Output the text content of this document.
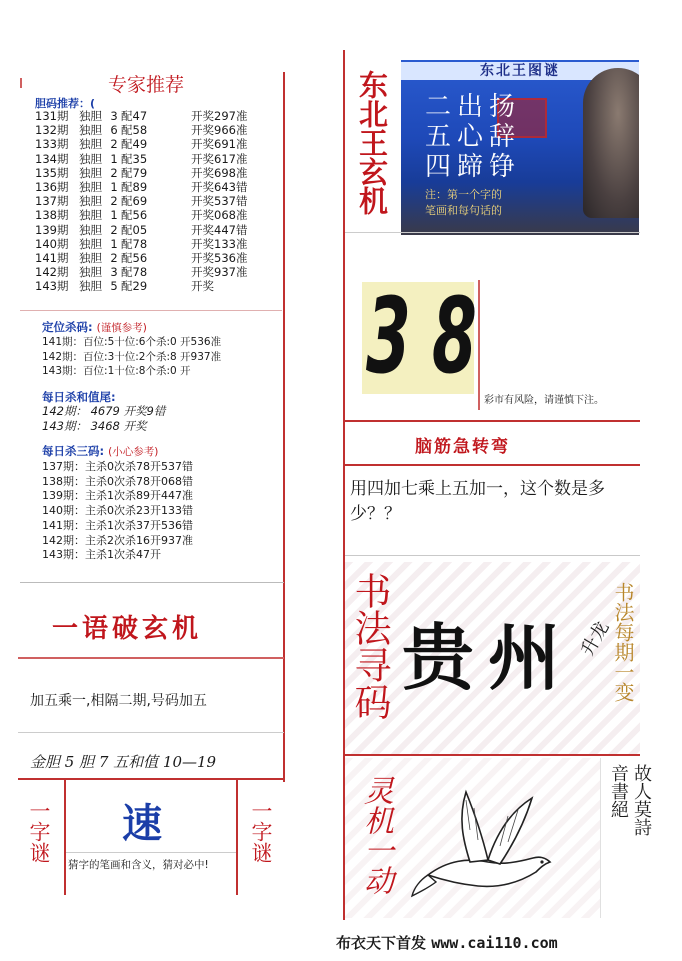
专家推荐
胆码推荐：(
131期 独胆 3 配47	开奖297准
132期 独胆 6 配58	开奖966准
133期 独胆 2 配49	开奖691准
134期 独胆 1 配35	开奖617准
135期 独胆 2 配79	开奖698准
136期 独胆 1 配89	开奖643错
137期 独胆 2 配69	开奖537错
138期 独胆 1 配56	开奖068准
139期 独胆 2 配05	开奖447错
140期 独胆 1 配78	开奖133准
141期 独胆 2 配56	开奖536准
142期 独胆 3 配78	开奖937准
143期 独胆 5 配29	开奖
定位杀码: (谨慎参考)
141期：百位:5十位:6个杀:0 开536准
142期：百位:3十位:2个杀:8 开937准
143期：百位:1十位:8个杀:0 开
每日杀和值尾:
142期： 4679 开奖9错
143期： 3468 开奖
每日杀三码: (小心参考)
137期：主杀0次杀78开537错
138期：主杀0次杀78开068错
139期：主杀1次杀89开447准
140期：主杀0次杀23开133错
141期：主杀1次杀37开536错
142期：主杀2次杀16开937准
143期：主杀1次杀47开
一语破玄机
加五乘一,相隔二期,号码加五
金胆 5 胆 7 五和值 10—19
一字谜	一字谜
速
猜字的笔画和含义，猜对必中!
东北王玄机	东北王图谜
二出扬
五心辞
四蹄铮
注：第一个字的
笔画和每句话的
3 8
彩市有风险，请谨慎下注。
脑筋急转弯
用四加七乘上五加一，这个数是多少？？
书法寻码 贵州 升龙
书法每期一变
灵机一动	故人莫詩
音書絕
布衣天下首发 www.cai110.com
